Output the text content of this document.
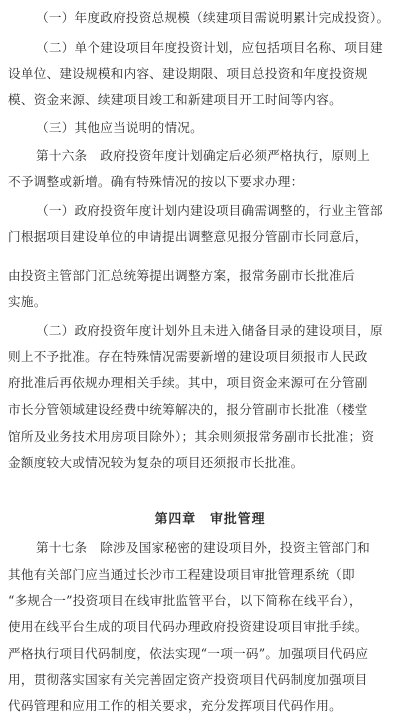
（一）年度政府投资总规模（续建项目需说明累计完成投资）。

（二）单个建设项目年度投资计划，应包括项目名称、项目建

设单位、建设规模和内容、建设期限、项目总投资和年度投资规

模、资金来源、续建项目竣工和新建项目开工时间等内容。

（三）其他应当说明的情况。

第十六条　政府投资年度计划确定后必须严格执行，原则上

不予调整或新增。确有特殊情况的按以下要求办理：

（一）政府投资年度计划内建设项目确需调整的，行业主管部

门根据项目建设单位的申请提出调整意见报分管副市长同意后，

由投资主管部门汇总统筹提出调整方案，报常务副市长批准后

实施。

（二）政府投资年度计划外且未进入储备目录的建设项目，原

则上不予批准。存在特殊情况需要新增的建设项目须报市人民政

府批准后再依规办理相关手续。其中，项目资金来源可在分管副

市长分管领域建设经费中统筹解决的，报分管副市长批准（楼堂

馆所及业务技术用房项目除外）；其余则须报常务副市长批准；资

金额度较大或情况较为复杂的项目还须报市长批准。

第四章　审批管理

第十七条　除涉及国家秘密的建设项目外，投资主管部门和

其他有关部门应当通过长沙市工程建设项目审批管理系统（即

“多规合一”投资项目在线审批监管平台，以下简称在线平台），

使用在线平台生成的项目代码办理政府投资建设项目审批手续。

严格执行项目代码制度，依法实现“一项一码”。加强项目代码应

用，贯彻落实国家有关完善固定资产投资项目代码制度加强项目

代码管理和应用工作的相关要求，充分发挥项目代码作用。
